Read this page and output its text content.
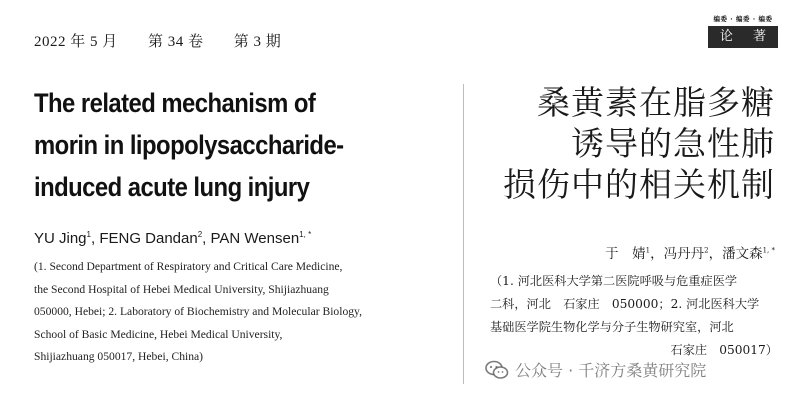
2022 年 5 月 第 34 卷 第 3 期
编委 · 编委 · 编委
论 著
The related mechanism of
morin in lipopolysaccharide-
induced acute lung injury
YU Jing$^1$, FENG Dandan$^2$, PAN Wensen$^{1, *}$
(1. Second Department of Respiratory and Critical Care Medicine,
the Second Hospital of Hebei Medical University, Shijiazhuang
050000, Hebei; 2. Laboratory of Biochemistry and Molecular Biology,
School of Basic Medicine, Hebei Medical University,
Shijiazhuang 050017, Hebei, China)
桑黄素在脂多糖
诱导的急性肺
损伤中的相关机制
于　婧$^1$，冯丹丹$^2$，潘文森$^{1, *}$
（1. 河北医科大学第二医院呼吸与危重症医学
二科，河北　石家庄　050000；2. 河北医科大学
基础医学院生物化学与分子生物研究室，河北
石家庄　050017）
公众号 · 千济方桑黄研究院
